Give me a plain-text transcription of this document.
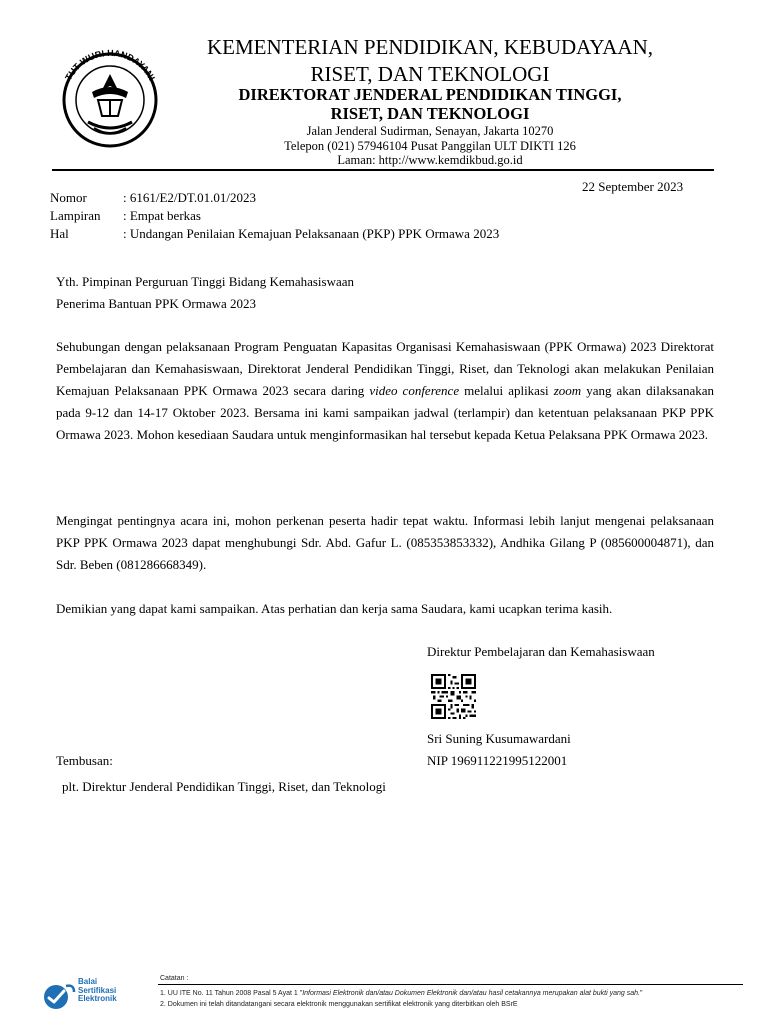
TUT WURI HANDAYANI
KEMENTERIAN PENDIDIKAN, KEBUDAYAAN,
RISET, DAN TEKNOLOGI
DIREKTORAT JENDERAL PENDIDIKAN TINGGI,
RISET, DAN TEKNOLOGI
Jalan Jenderal Sudirman, Senayan, Jakarta 10270
Telepon (021) 57946104 Pusat Panggilan ULT DIKTI 126
Laman: http://www.kemdikbud.go.id
22 September 2023
Nomor	: 6161/E2/DT.01.01/2023
Lampiran	: Empat berkas
Hal	: Undangan Penilaian Kemajuan Pelaksanaan (PKP) PPK Ormawa 2023
Yth. Pimpinan Perguruan Tinggi Bidang Kemahasiswaan
Penerima Bantuan PPK Ormawa 2023
Sehubungan dengan pelaksanaan Program Penguatan Kapasitas Organisasi Kemahasiswaan (PPK Ormawa) 2023 Direktorat Pembelajaran dan Kemahasiswaan, Direktorat Jenderal Pendidikan Tinggi, Riset, dan Teknologi akan melakukan Penilaian Kemajuan Pelaksanaan PPK Ormawa 2023 secara daring video conference melalui aplikasi zoom yang akan dilaksanakan pada 9-12 dan 14-17 Oktober 2023. Bersama ini kami sampaikan jadwal (terlampir) dan ketentuan pelaksanaan PKP PPK Ormawa 2023. Mohon kesediaan Saudara untuk menginformasikan hal tersebut kepada Ketua Pelaksana PPK Ormawa 2023.
Mengingat pentingnya acara ini, mohon perkenan peserta hadir tepat waktu. Informasi lebih lanjut mengenai pelaksanaan PKP PPK Ormawa 2023 dapat menghubungi Sdr. Abd. Gafur L. (085353853332), Andhika Gilang P (085600004871), dan Sdr. Beben (081286668349).
Demikian yang dapat kami sampaikan. Atas perhatian dan kerja sama Saudara, kami ucapkan terima kasih.
Direktur Pembelajaran dan Kemahasiswaan
Sri Suning Kusumawardani
NIP 196911221995122001
Tembusan:
plt. Direktur Jenderal Pendidikan Tinggi, Riset, dan Teknologi
Balai
Sertifikasi
Elektronik
Catatan :
1. UU ITE No. 11 Tahun 2008 Pasal 5 Ayat 1 "Informasi Elektronik dan/atau Dokumen Elektronik dan/atau hasil cetakannya merupakan alat bukti yang sah."
2. Dokumen ini telah ditandatangani secara elektronik menggunakan sertifikat elektronik yang diterbitkan oleh BSrE
